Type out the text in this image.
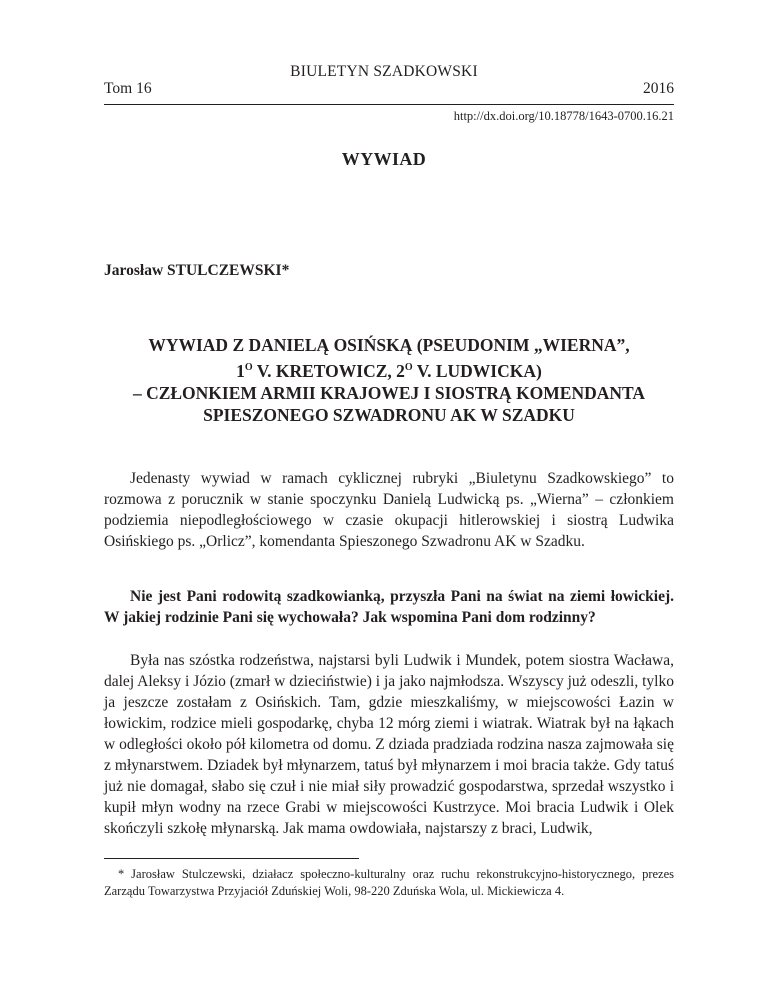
BIULETYN SZADKOWSKI
Tom 16	2016
http://dx.doi.org/10.18778/1643-0700.16.21
WYWIAD
Jarosław STULCZEWSKI*
WYWIAD Z DANIELĄ OSIŃSKĄ (PSEUDONIM „WIERNA”,
$1^O$ V. KRETOWICZ, $2^O$ V. LUDWICKA)
– CZŁONKIEM ARMII KRAJOWEJ I SIOSTRĄ KOMENDANTA
SPIESZONEGO SZWADRONU AK W SZADKU
Jedenasty wywiad w ramach cyklicznej rubryki „Biuletynu Szadkowskiego” to rozmowa z porucznik w stanie spoczynku Danielą Ludwicką ps. „Wierna” – członkiem podziemia niepodległościowego w czasie okupacji hitlerowskiej i siostrą Ludwika Osińskiego ps. „Orlicz”, komendanta Spieszonego Szwadronu AK w Szadku.
Nie jest Pani rodowitą szadkowianką, przyszła Pani na świat na ziemi łowickiej. W jakiej rodzinie Pani się wychowała? Jak wspomina Pani dom rodzinny?
Była nas szóstka rodzeństwa, najstarsi byli Ludwik i Mundek, potem siostra Wacława, dalej Aleksy i Józio (zmarł w dzieciństwie) i ja jako najmłodsza. Wszyscy już odeszli, tylko ja jeszcze zostałam z Osińskich. Tam, gdzie mieszkaliśmy, w miejscowości Łazin w łowickim, rodzice mieli gospodarkę, chyba 12 mórg ziemi i wiatrak. Wiatrak był na łąkach w odległości około pół kilometra od domu. Z dziada pradziada rodzina nasza zajmowała się z młynarstwem. Dziadek był młynarzem, tatuś był młynarzem i moi bracia także. Gdy tatuś już nie domagał, słabo się czuł i nie miał siły prowadzić gospodarstwa, sprzedał wszystko i kupił młyn wodny na rzece Grabi w miejscowości Kustrzyce. Moi bracia Ludwik i Olek skończyli szkołę młynarską. Jak mama owdowiała, najstarszy z braci, Ludwik,
* Jarosław Stulczewski, działacz społeczno-kulturalny oraz ruchu rekonstrukcyjno-historycznego, prezes Zarządu Towarzystwa Przyjaciół Zduńskiej Woli, 98-220 Zduńska Wola, ul. Mickiewicza 4.
